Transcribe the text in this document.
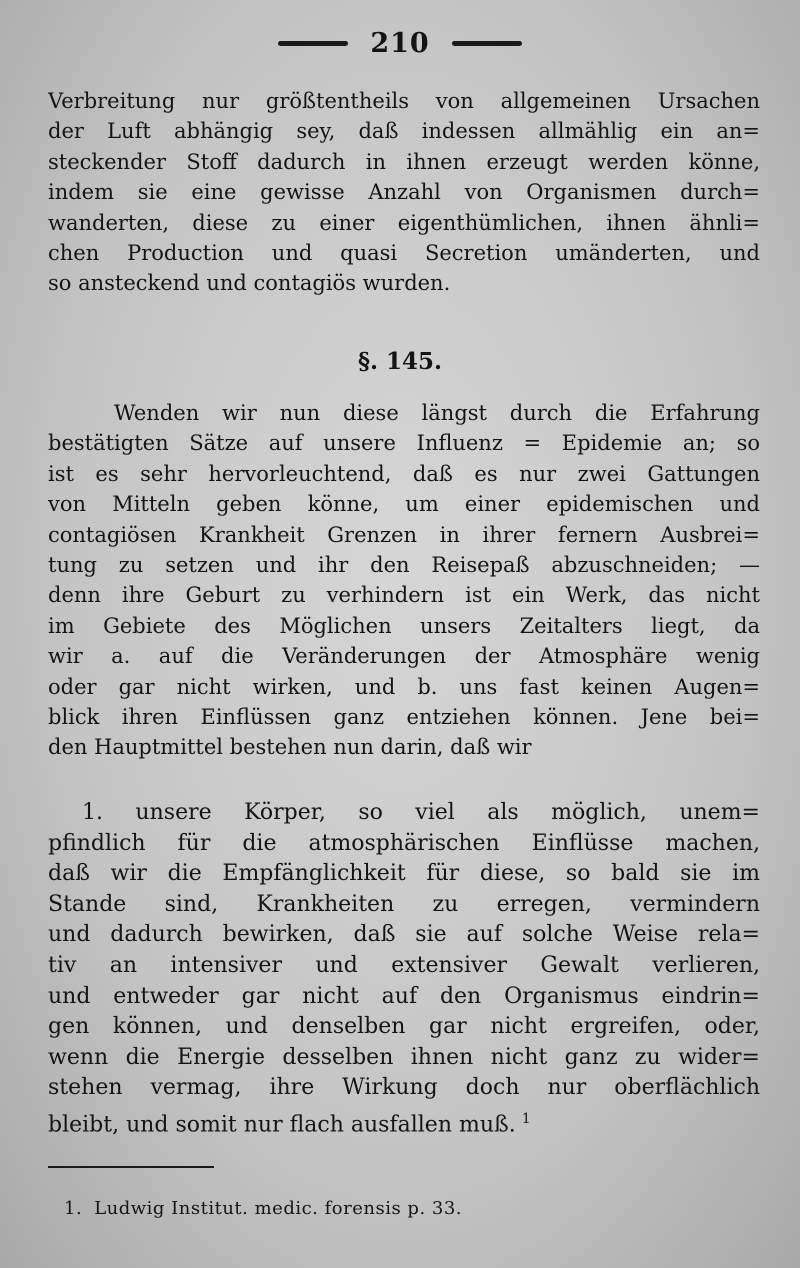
210
Verbreitung nur größtentheils von allgemeinen Ursachen
der Luft abhängig sey, daß indessen allmählig ein an=
steckender Stoff dadurch in ihnen erzeugt werden könne,
indem sie eine gewisse Anzahl von Organismen durch=
wanderten, diese zu einer eigenthümlichen, ihnen ähnli=
chen Production und quasi Secretion umänderten, und
so ansteckend und contagiös wurden.
§. 145.
Wenden wir nun diese längst durch die Erfahrung
bestätigten Sätze auf unsere Influenz = Epidemie an; so
ist es sehr hervorleuchtend, daß es nur zwei Gattungen
von Mitteln geben könne, um einer epidemischen und
contagiösen Krankheit Grenzen in ihrer fernern Ausbrei=
tung zu setzen und ihr den Reisepaß abzuschneiden; —
denn ihre Geburt zu verhindern ist ein Werk, das nicht
im Gebiete des Möglichen unsers Zeitalters liegt, da
wir a. auf die Veränderungen der Atmosphäre wenig
oder gar nicht wirken, und b. uns fast keinen Augen=
blick ihren Einflüssen ganz entziehen können. Jene bei=
den Hauptmittel bestehen nun darin, daß wir
1. unsere Körper, so viel als möglich, unem=
pfindlich für die atmosphärischen Einflüsse machen,
daß wir die Empfänglichkeit für diese, so bald sie im
Stande sind, Krankheiten zu erregen, vermindern
und dadurch bewirken, daß sie auf solche Weise rela=
tiv an intensiver und extensiver Gewalt verlieren,
und entweder gar nicht auf den Organismus eindrin=
gen können, und denselben gar nicht ergreifen, oder,
wenn die Energie desselben ihnen nicht ganz zu wider=
stehen vermag, ihre Wirkung doch nur oberflächlich
bleibt, und somit nur flach ausfallen muß. $^1$
1. Ludwig Institut. medic. forensis p. 33.
